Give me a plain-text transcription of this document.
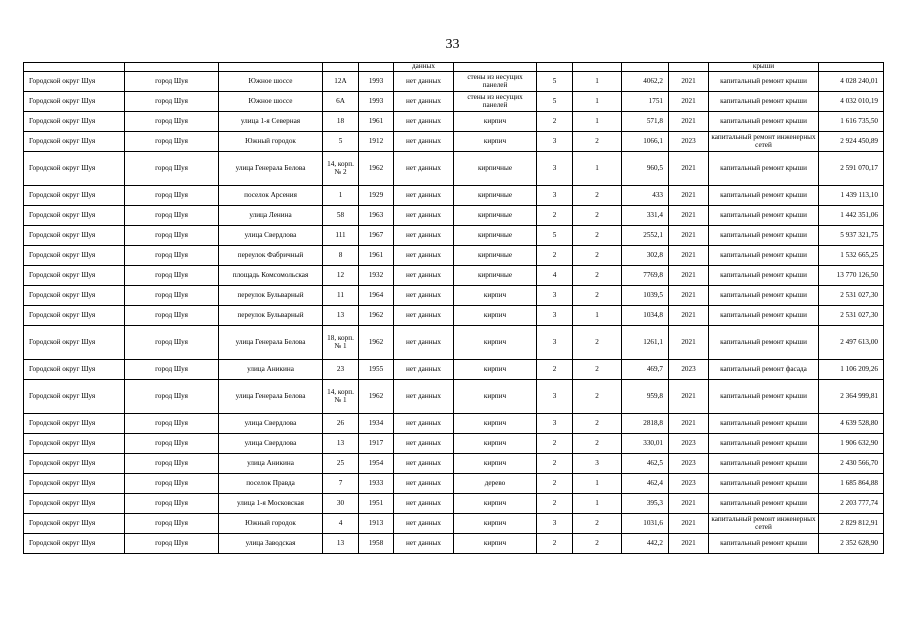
33
					данных						крыши	
Городской округ Шуя	город Шуя	Южное шоссе	12А	1993	нет данных	стены из несущих панелей	5	1	4062,2	2021	капитальный ремонт крыши	4 028 240,01
Городской округ Шуя	город Шуя	Южное шоссе	6А	1993	нет данных	стены из несущих панелей	5	1	1751	2021	капитальный ремонт крыши	4 032 010,19
Городской округ Шуя	город Шуя	улица 1-я Северная	18	1961	нет данных	кирпич	2	1	571,8	2021	капитальный ремонт крыши	1 616 735,50
Городской округ Шуя	город Шуя	Южный городок	5	1912	нет данных	кирпич	3	2	1066,1	2023	капитальный ремонт инженерных сетей	2 924 450,89
Городской округ Шуя	город Шуя	улица Генерала Белова	14, корп. № 2	1962	нет данных	кирпичные	3	1	960,5	2021	капитальный ремонт крыши	2 591 070,17
Городской округ Шуя	город Шуя	поселок Арсения	1	1929	нет данных	кирпичные	3	2	433	2021	капитальный ремонт крыши	1 439 113,10
Городской округ Шуя	город Шуя	улица Ленина	58	1963	нет данных	кирпичные	2	2	331,4	2021	капитальный ремонт крыши	1 442 351,06
Городской округ Шуя	город Шуя	улица Свердлова	111	1967	нет данных	кирпичные	5	2	2552,1	2021	капитальный ремонт крыши	5 937 321,75
Городской округ Шуя	город Шуя	переулок Фабричный	8	1961	нет данных	кирпичные	2	2	302,8	2021	капитальный ремонт крыши	1 532 665,25
Городской округ Шуя	город Шуя	площадь Комсомольская	12	1932	нет данных	кирпичные	4	2	7769,8	2021	капитальный ремонт крыши	13 770 126,50
Городской округ Шуя	город Шуя	переулок Бульварный	11	1964	нет данных	кирпич	3	2	1039,5	2021	капитальный ремонт крыши	2 531 027,30
Городской округ Шуя	город Шуя	переулок Бульварный	13	1962	нет данных	кирпич	3	1	1034,8	2021	капитальный ремонт крыши	2 531 027,30
Городской округ Шуя	город Шуя	улица Генерала Белова	18, корп. № 1	1962	нет данных	кирпич	3	2	1261,1	2021	капитальный ремонт крыши	2 497 613,00
Городской округ Шуя	город Шуя	улица Аникина	23	1955	нет данных	кирпич	2	2	469,7	2023	капитальный ремонт фасада	1 106 209,26
Городской округ Шуя	город Шуя	улица Генерала Белова	14, корп. № 1	1962	нет данных	кирпич	3	2	959,8	2021	капитальный ремонт крыши	2 364 999,81
Городской округ Шуя	город Шуя	улица Свердлова	26	1934	нет данных	кирпич	3	2	2818,8	2021	капитальный ремонт крыши	4 639 528,80
Городской округ Шуя	город Шуя	улица Свердлова	13	1917	нет данных	кирпич	2	2	330,01	2023	капитальный ремонт крыши	1 906 632,90
Городской округ Шуя	город Шуя	улица Аникина	25	1954	нет данных	кирпич	2	3	462,5	2023	капитальный ремонт крыши	2 430 566,70
Городской округ Шуя	город Шуя	поселок Правда	7	1933	нет данных	дерево	2	1	462,4	2023	капитальный ремонт крыши	1 685 864,88
Городской округ Шуя	город Шуя	улица 1-я Московская	30	1951	нет данных	кирпич	2	1	395,3	2021	капитальный ремонт крыши	2 203 777,74
Городской округ Шуя	город Шуя	Южный городок	4	1913	нет данных	кирпич	3	2	1031,6	2021	капитальный ремонт инженерных сетей	2 829 812,91
Городской округ Шуя	город Шуя	улица Заводская	13	1958	нет данных	кирпич	2	2	442,2	2021	капитальный ремонт крыши	2 352 628,90
